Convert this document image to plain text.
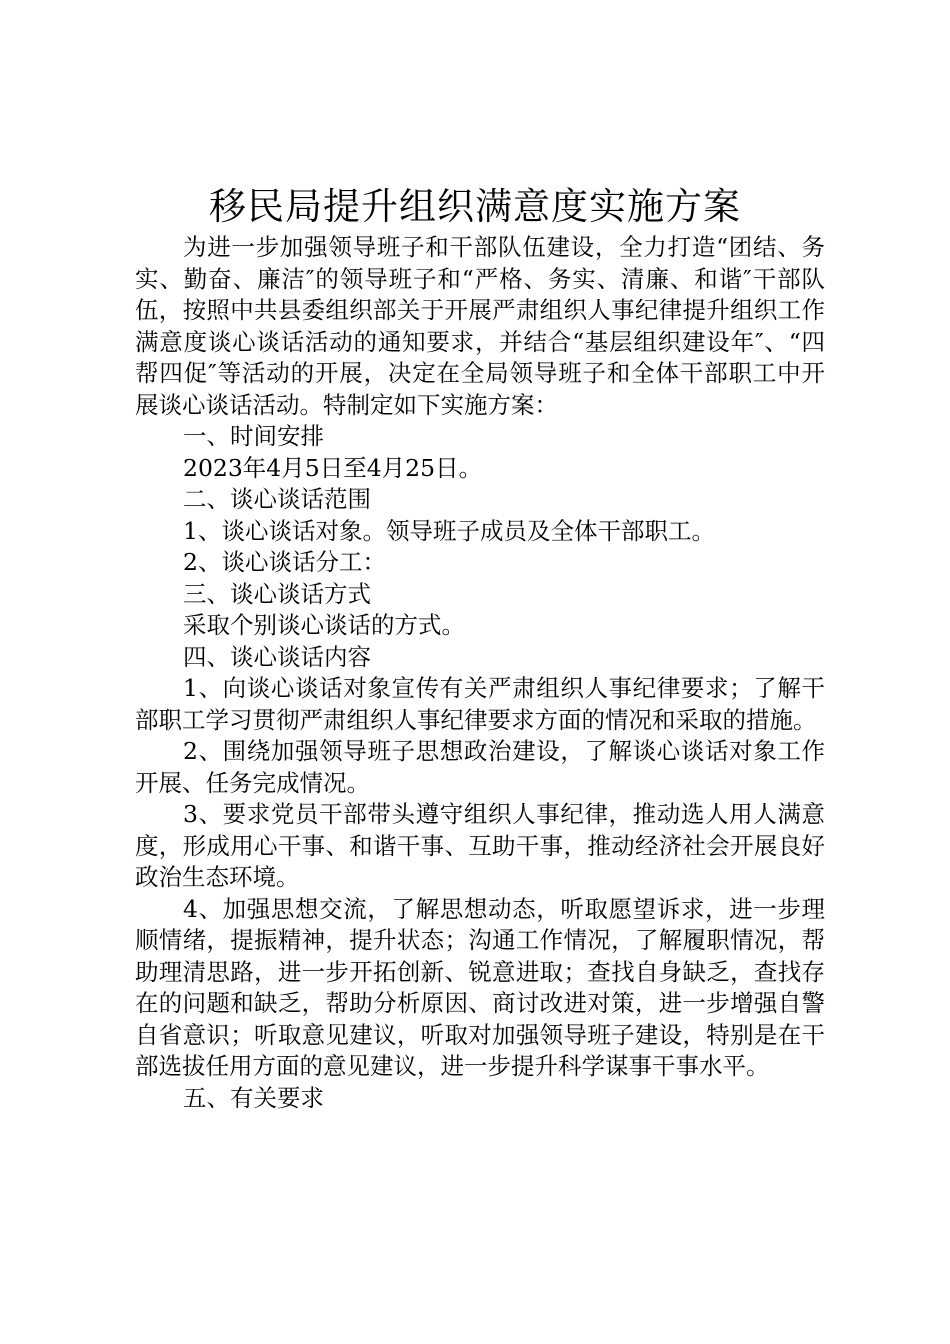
移民局提升组织满意度实施方案

为进一步加强领导班子和干部队伍建设，全力打造“团结、务实、勤奋、廉洁″的领导班子和“严格、务实、清廉、和谐″干部队伍，按照中共县委组织部关于开展严肃组织人事纪律提升组织工作满意度谈心谈话活动的通知要求，并结合“基层组织建设年″、“四帮四促″等活动的开展，决定在全局领导班子和全体干部职工中开展谈心谈话活动。特制定如下实施方案：

一、时间安排

2023年4月5日至4月25日。

二、谈心谈话范围

1、谈心谈话对象。领导班子成员及全体干部职工。

2、谈心谈话分工：

三、谈心谈话方式

采取个别谈心谈话的方式。

四、谈心谈话内容

1、向谈心谈话对象宣传有关严肃组织人事纪律要求；了解干部职工学习贯彻严肃组织人事纪律要求方面的情况和采取的措施。

2、围绕加强领导班子思想政治建设，了解谈心谈话对象工作开展、任务完成情况。

3、要求党员干部带头遵守组织人事纪律，推动选人用人满意度，形成用心干事、和谐干事、互助干事，推动经济社会开展良好政治生态环境。

4、加强思想交流，了解思想动态，听取愿望诉求，进一步理顺情绪，提振精神，提升状态；沟通工作情况，了解履职情况，帮助理清思路，进一步开拓创新、锐意进取；查找自身缺乏，查找存在的问题和缺乏，帮助分析原因、商讨改进对策，进一步增强自警自省意识；听取意见建议，听取对加强领导班子建设，特别是在干部选拔任用方面的意见建议，进一步提升科学谋事干事水平。

五、有关要求
